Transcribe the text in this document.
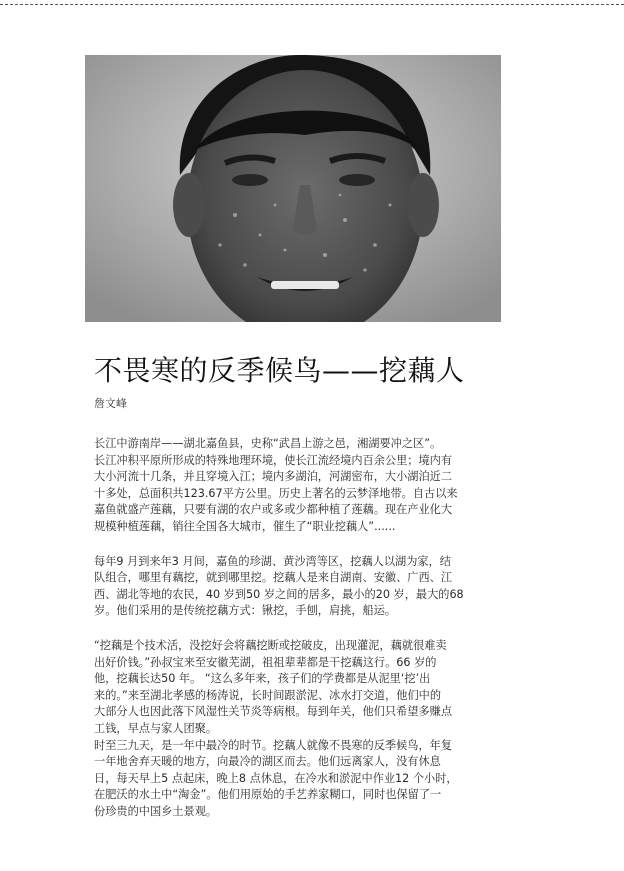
不畏寒的反季候鸟——挖藕人
詹文峰
长江中游南岸——湖北嘉鱼县，史称“武昌上游之邑，湘湖要冲之区”。
长江冲积平原所形成的特殊地理环境，使长江流经境内百余公里；境内有
大小河流十几条，并且穿境入江；境内多湖泊，河湖密布，大小湖泊近二
十多处，总面积共123.67平方公里。历史上著名的云梦泽地带。自古以来
嘉鱼就盛产莲藕，只要有湖的农户或多或少都种植了莲藕。现在产业化大
规模种植莲藕，销往全国各大城市，催生了“职业挖藕人”......
每年9 月到来年3 月间，嘉鱼的珍湖、黄沙湾等区，挖藕人以湖为家，结
队组合，哪里有藕挖，就到哪里挖。挖藕人是来自湖南、安徽、广西、江
西、湖北等地的农民，40 岁到50 岁之间的居多，最小的20 岁，最大的68
岁。他们采用的是传统挖藕方式：锹挖，手刨，肩挑，船运。
“挖藕是个技术活，没挖好会将藕挖断或挖破皮，出现灌泥，藕就很难卖
出好价钱。”孙叔宝来至安徽芜湖，祖祖辈辈都是干挖藕这行。66 岁的
他，挖藕长达50 年。 “这么多年来，孩子们的学费都是从泥里‘挖’出
来的。”来至湖北孝感的杨涛说，长时间跟淤泥、冰水打交道，他们中的
大部分人也因此落下风湿性关节炎等病根。每到年关，他们只希望多赚点
工钱，早点与家人团聚。
时至三九天，是一年中最冷的时节。挖藕人就像不畏寒的反季候鸟，年复
一年地舍弃天暖的地方，向最冷的湖区而去。他们远离家人，没有休息
日，每天早上5 点起床，晚上8 点休息，在冷水和淤泥中作业12 个小时，
在肥沃的水土中“淘金”。他们用原始的手艺养家糊口，同时也保留了一
份珍贵的中国乡土景观。
